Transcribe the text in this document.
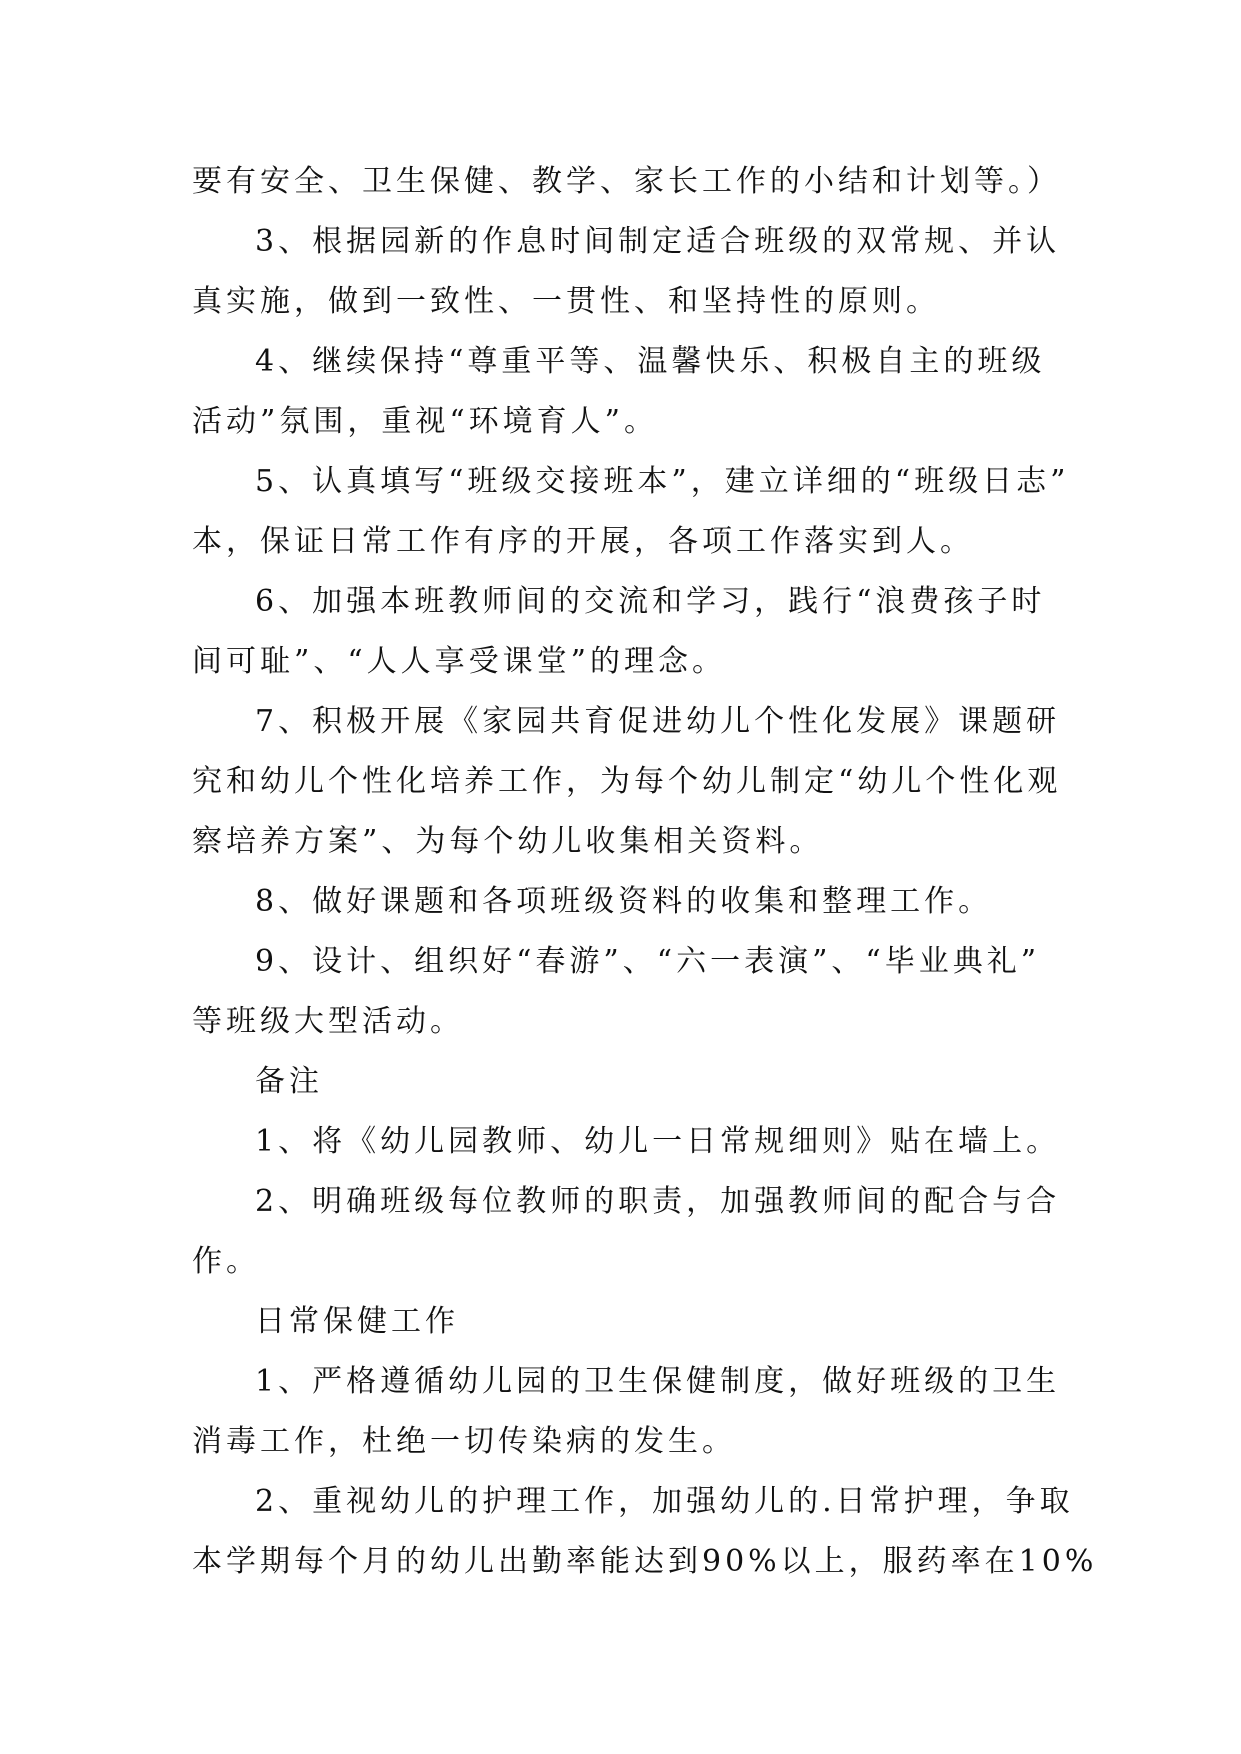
要有安全、卫生保健、教学、家长工作的小结和计划等。）
3、根据园新的作息时间制定适合班级的双常规、并认
真实施，做到一致性、一贯性、和坚持性的原则。
4、继续保持“尊重平等、温馨快乐、积极自主的班级
活动”氛围，重视“环境育人”。
5、认真填写“班级交接班本”，建立详细的“班级日志”
本，保证日常工作有序的开展，各项工作落实到人。
6、加强本班教师间的交流和学习，践行“浪费孩子时
间可耻”、“人人享受课堂”的理念。
7、积极开展《家园共育促进幼儿个性化发展》课题研
究和幼儿个性化培养工作，为每个幼儿制定“幼儿个性化观
察培养方案”、为每个幼儿收集相关资料。
8、做好课题和各项班级资料的收集和整理工作。
9、设计、组织好“春游”、“六一表演”、“毕业典礼”
等班级大型活动。
备注
1、将《幼儿园教师、幼儿一日常规细则》贴在墙上。
2、明确班级每位教师的职责，加强教师间的配合与合
作。
日常保健工作
1、严格遵循幼儿园的卫生保健制度，做好班级的卫生
消毒工作，杜绝一切传染病的发生。
2、重视幼儿的护理工作，加强幼儿的.日常护理，争取
本学期每个月的幼儿出勤率能达到90%以上，服药率在10%
